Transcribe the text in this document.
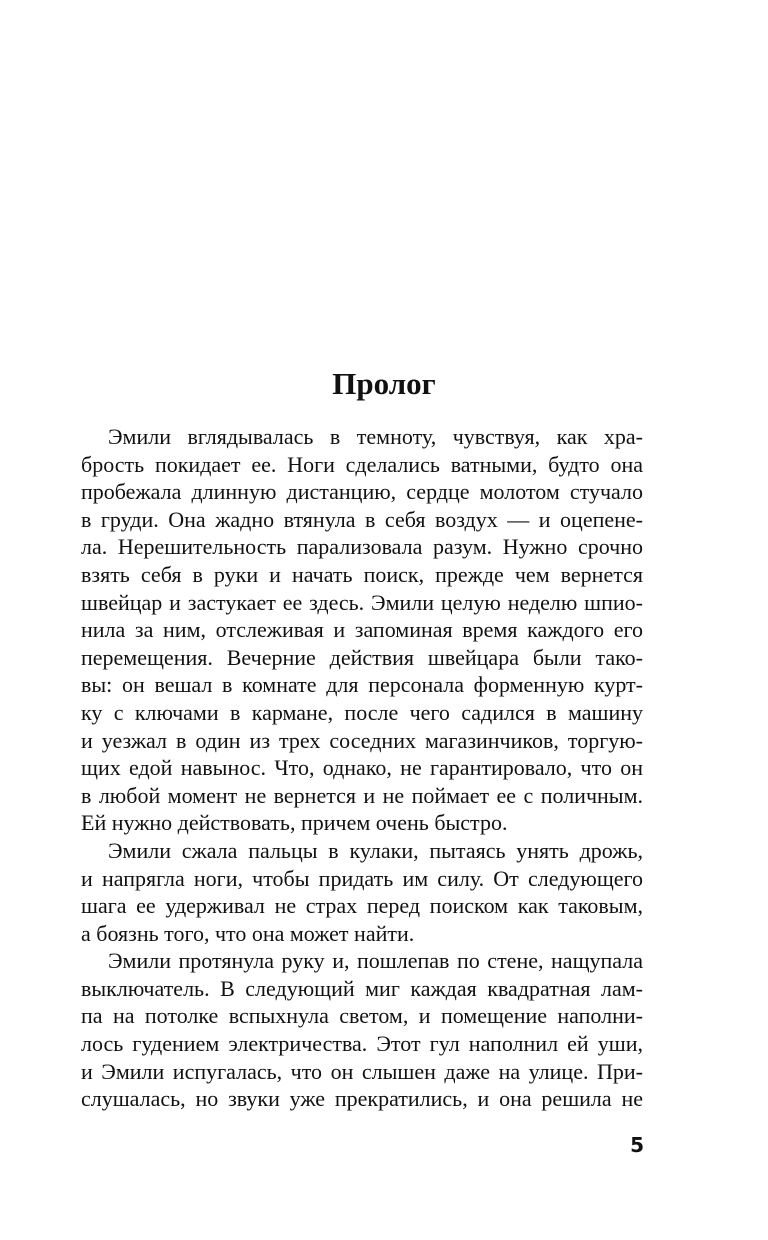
Пролог
Эмили вглядывалась в темноту, чувствуя, как хра-
брость покидает ее. Ноги сделались ватными, будто она
пробежала длинную дистанцию, сердце молотом стучало
в груди. Она жадно втянула в себя воздух — и оцепене-
ла. Нерешительность парализовала разум. Нужно срочно
взять себя в руки и начать поиск, прежде чем вернется
швейцар и застукает ее здесь. Эмили целую неделю шпио-
нила за ним, отслеживая и запоминая время каждого его
перемещения. Вечерние действия швейцара были тако-
вы: он вешал в комнате для персонала форменную курт-
ку с ключами в кармане, после чего садился в машину
и уезжал в один из трех соседних магазинчиков, торгую-
щих едой навынос. Что, однако, не гарантировало, что он
в любой момент не вернется и не поймает ее с поличным.
Ей нужно действовать, причем очень быстро.
Эмили сжала пальцы в кулаки, пытаясь унять дрожь,
и напрягла ноги, чтобы придать им силу. От следующего
шага ее удерживал не страх перед поиском как таковым,
а боязнь того, что она может найти.
Эмили протянула руку и, пошлепав по стене, нащупала
выключатель. В следующий миг каждая квадратная лам-
па на потолке вспыхнула светом, и помещение наполни-
лось гудением электричества. Этот гул наполнил ей уши,
и Эмили испугалась, что он слышен даже на улице. При-
слушалась, но звуки уже прекратились, и она решила не
5
